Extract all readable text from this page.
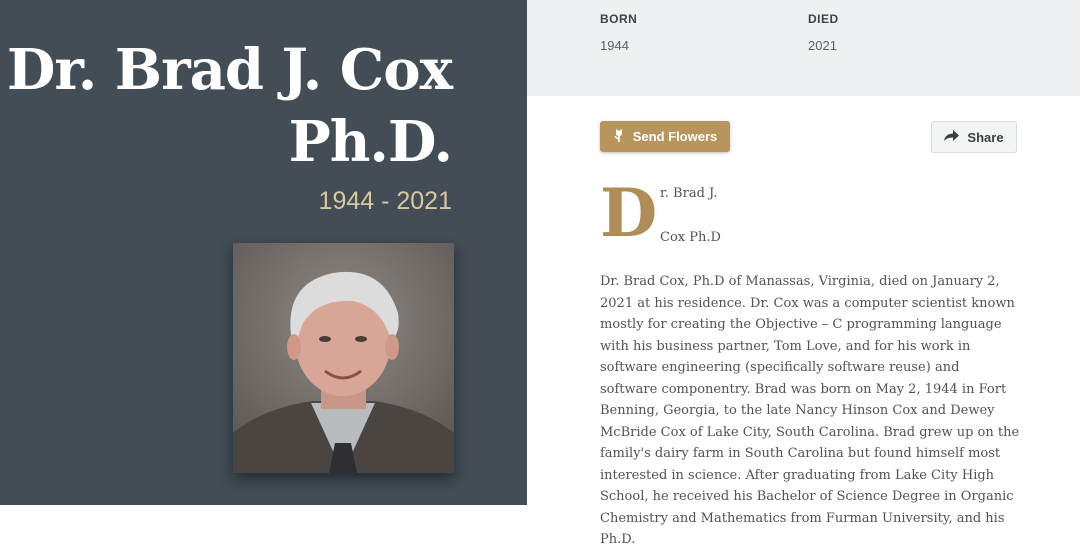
Dr. Brad J. Cox
Ph.D.

1944 - 2021

BORN
1944
DIED
2021
Send Flowers	Share

D r. Brad J.

Cox Ph.D

Dr. Brad Cox, Ph.D of Manassas, Virginia, died on January 2, 2021 at his residence. Dr. Cox was a computer scientist known mostly for creating the Objective – C programming language with his business partner, Tom Love, and for his work in software engineering (specifically software reuse) and software componentry. Brad was born on May 2, 1944 in Fort Benning, Georgia, to the late Nancy Hinson Cox and Dewey McBride Cox of Lake City, South Carolina. Brad grew up on the family's dairy farm in South Carolina but found himself most interested in science. After graduating from Lake City High School, he received his Bachelor of Science Degree in Organic Chemistry and Mathematics from Furman University, and his Ph.D.
